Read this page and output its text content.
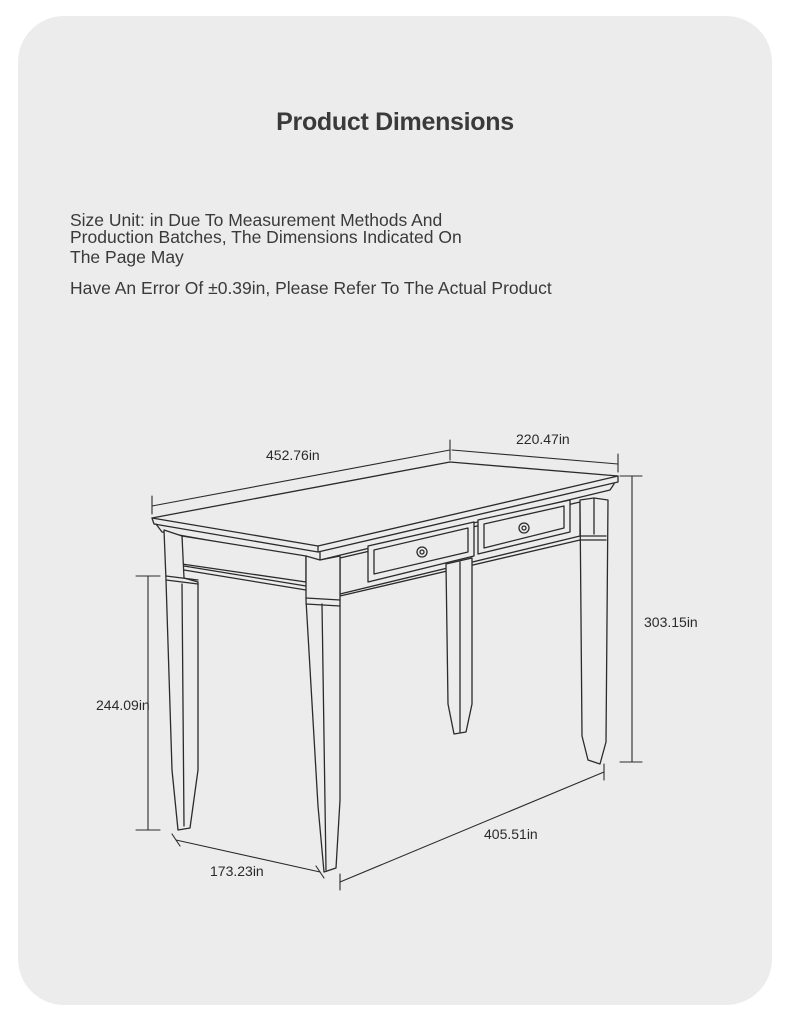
Product Dimensions
Size Unit: in Due To Measurement Methods And
Production Batches, The Dimensions Indicated On
The Page May
Have An Error Of ±0.39in, Please Refer To The Actual Product
452.76in
220.47in
303.15in
244.09in
405.51in
173.23in
